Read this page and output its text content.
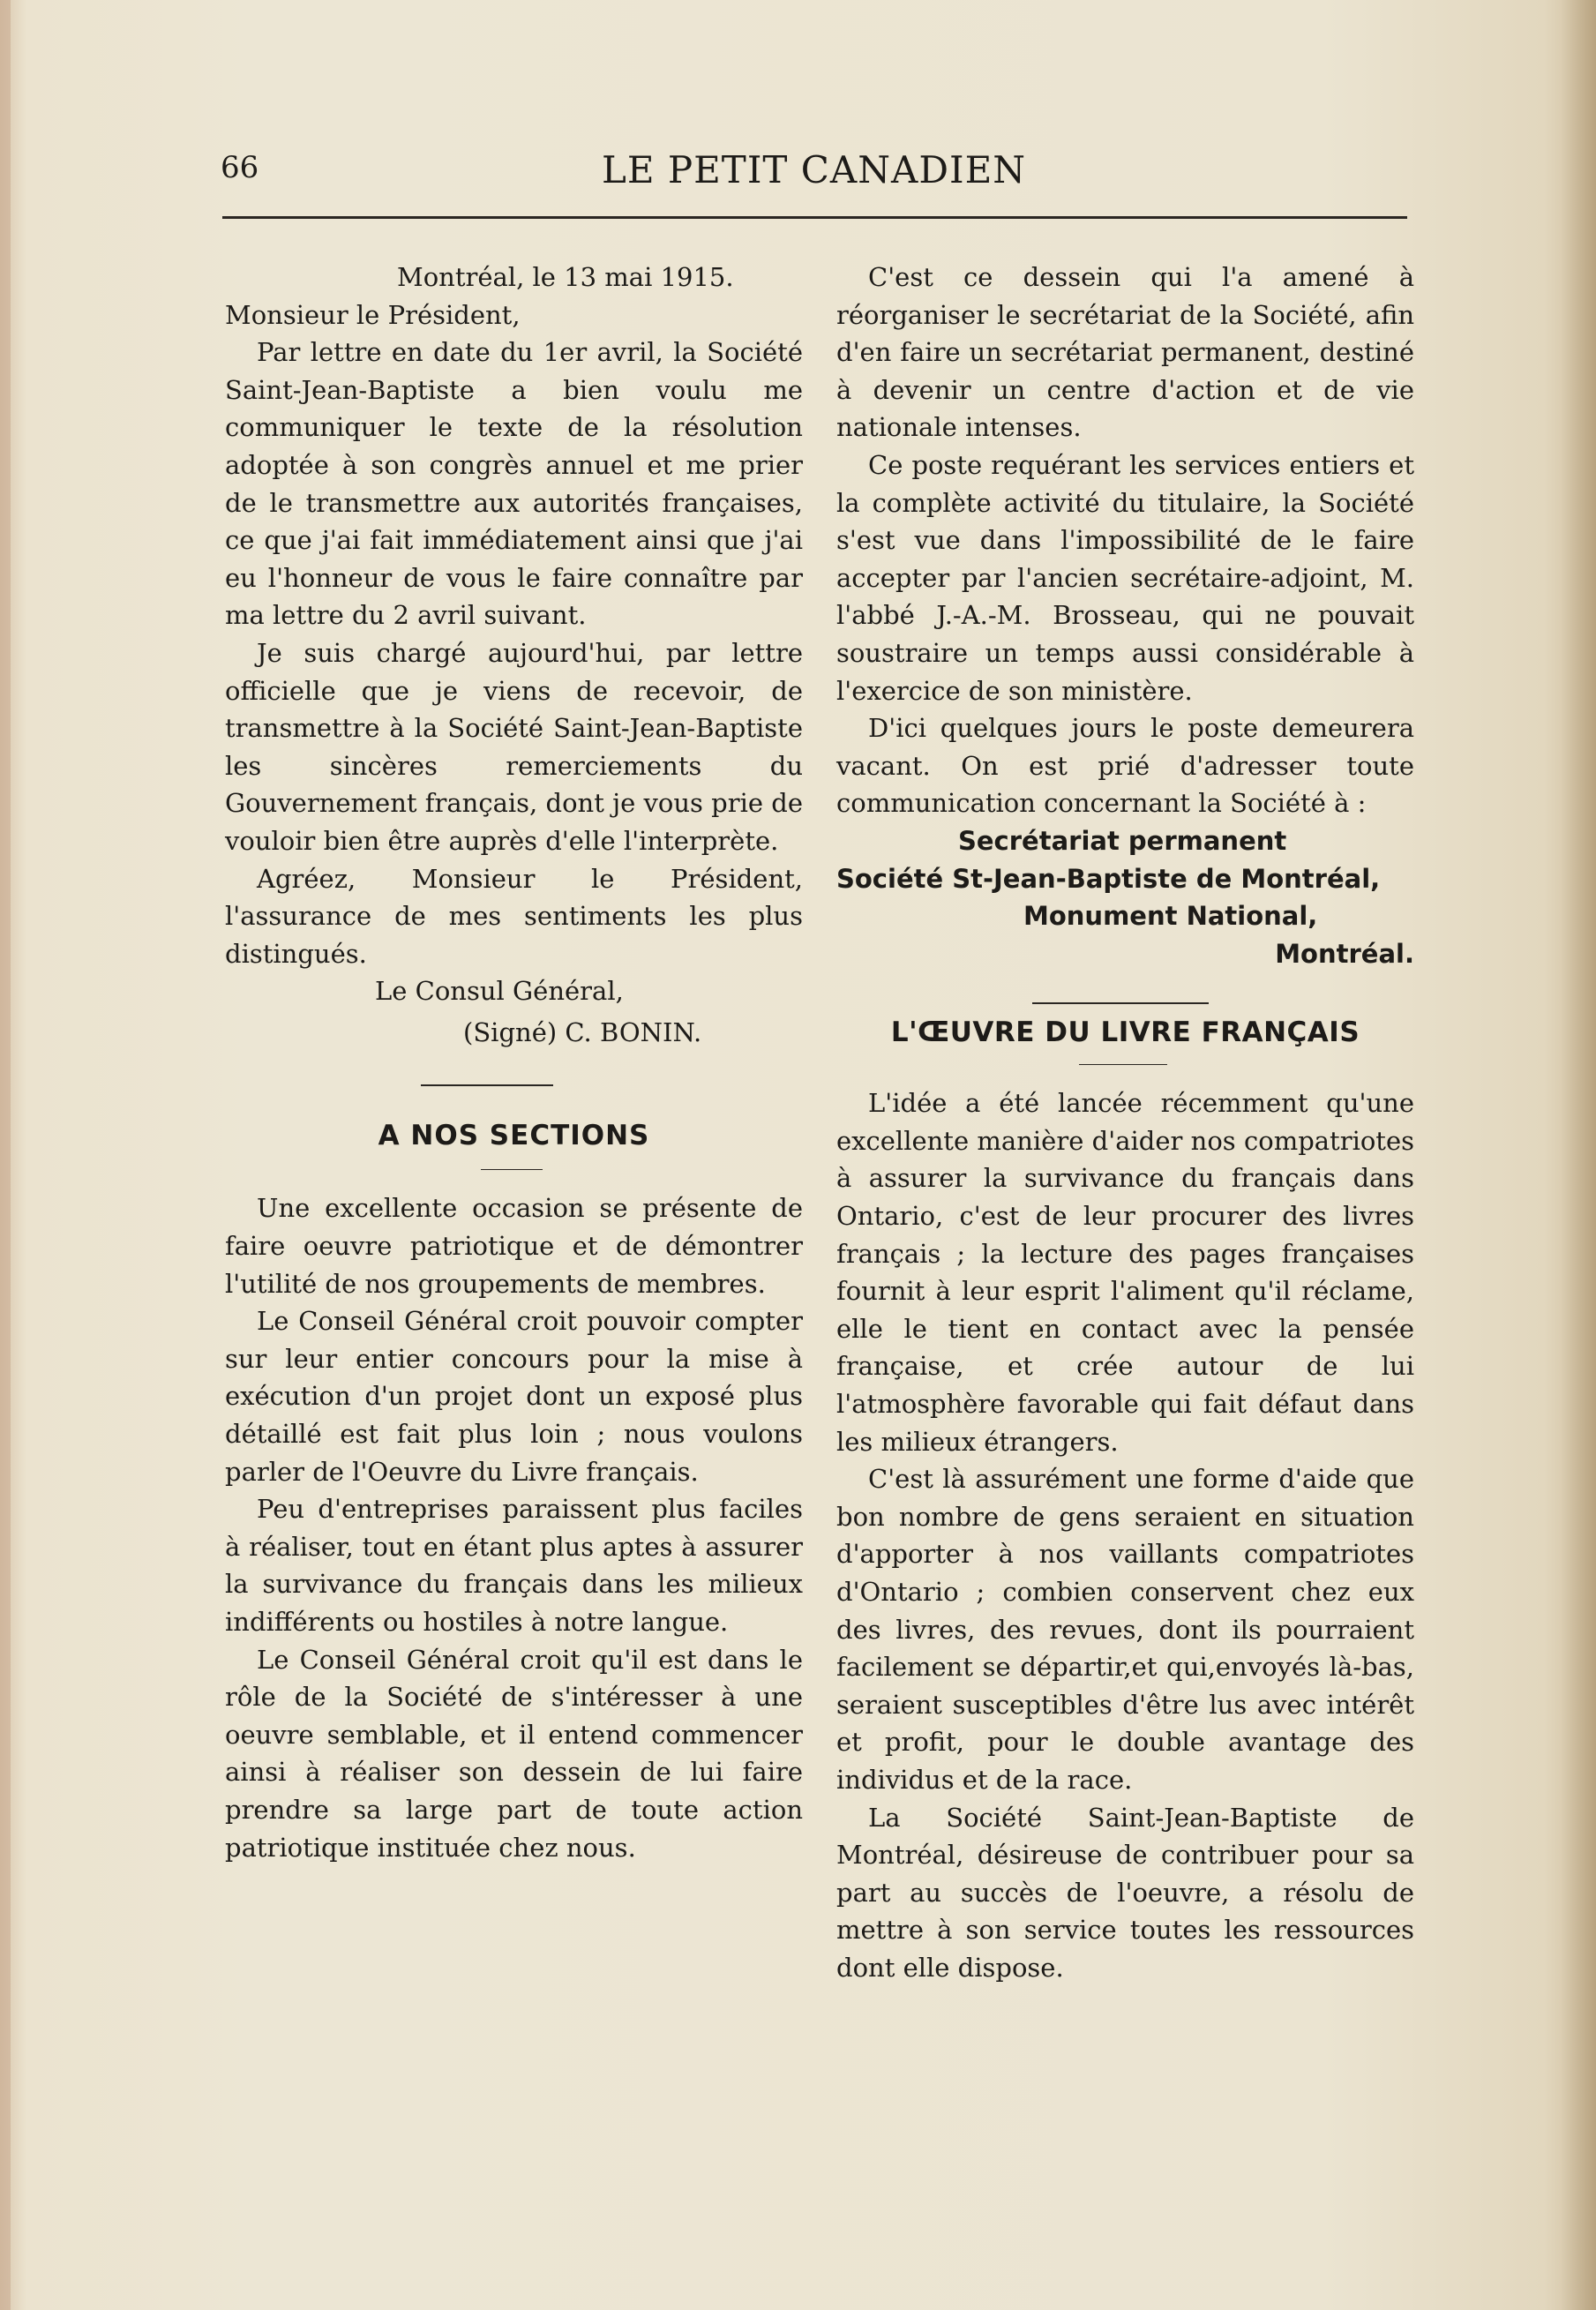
66	LE PETIT CANADIEN

Montréal, le 13 mai 1915.

Monsieur le Président,

Par lettre en date du 1er avril, la Société Saint-Jean-Baptiste a bien voulu me communiquer le texte de la résolution adoptée à son congrès annuel et me prier de le transmettre aux autorités françaises, ce que j'ai fait immédiatement ainsi que j'ai eu l'honneur de vous le faire connaître par ma lettre du 2 avril suivant.

Je suis chargé aujourd'hui, par lettre officielle que je viens de recevoir, de transmettre à la Société Saint-Jean-Baptiste les sincères remerciements du Gouvernement français, dont je vous prie de vouloir bien être auprès d'elle l'interprète.

Agréez, Monsieur le Président, l'assurance de mes sentiments les plus distingués.

Le Consul Général,

(Signé) C. BONIN.

A NOS SECTIONS

Une excellente occasion se présente de faire oeuvre patriotique et de démontrer l'utilité de nos groupements de membres.

Le Conseil Général croit pouvoir compter sur leur entier concours pour la mise à exécution d'un projet dont un exposé plus détaillé est fait plus loin ; nous voulons parler de l'Oeuvre du Livre français.

Peu d'entreprises paraissent plus faciles à réaliser, tout en étant plus aptes à assurer la survivance du français dans les milieux indifférents ou hostiles à notre langue.

Le Conseil Général croit qu'il est dans le rôle de la Société de s'intéresser à une oeuvre semblable, et il entend commencer ainsi à réaliser son dessein de lui faire prendre sa large part de toute action patriotique instituée chez nous.

C'est ce dessein qui l'a amené à réorganiser le secrétariat de la Société, afin d'en faire un secrétariat permanent, destiné à devenir un centre d'action et de vie nationale intenses.

Ce poste requérant les services entiers et la complète activité du titulaire, la Société s'est vue dans l'impossibilité de le faire accepter par l'ancien secrétaire-adjoint, M. l'abbé J.-A.-M. Brosseau, qui ne pouvait soustraire un temps aussi considérable à l'exercice de son ministère.

D'ici quelques jours le poste demeurera vacant. On est prié d'adresser toute communication concernant la Société à :

Secrétariat permanent

Société St-Jean-Baptiste de Montréal,

Monument National,

Montréal.

L'ŒUVRE DU LIVRE FRANÇAIS

L'idée a été lancée récemment qu'une excellente manière d'aider nos compatriotes à assurer la survivance du français dans Ontario, c'est de leur procurer des livres français ; la lecture des pages françaises fournit à leur esprit l'aliment qu'il réclame, elle le tient en contact avec la pensée française, et crée autour de lui l'atmosphère favorable qui fait défaut dans les milieux étrangers.

C'est là assurément une forme d'aide que bon nombre de gens seraient en situation d'apporter à nos vaillants compatriotes d'Ontario ; combien conservent chez eux des livres, des revues, dont ils pourraient facilement se départir,et qui,envoyés là-bas, seraient susceptibles d'être lus avec intérêt et profit, pour le double avantage des individus et de la race.

La Société Saint-Jean-Baptiste de Montréal, désireuse de contribuer pour sa part au succès de l'oeuvre, a résolu de mettre à son service toutes les ressources dont elle dispose.
